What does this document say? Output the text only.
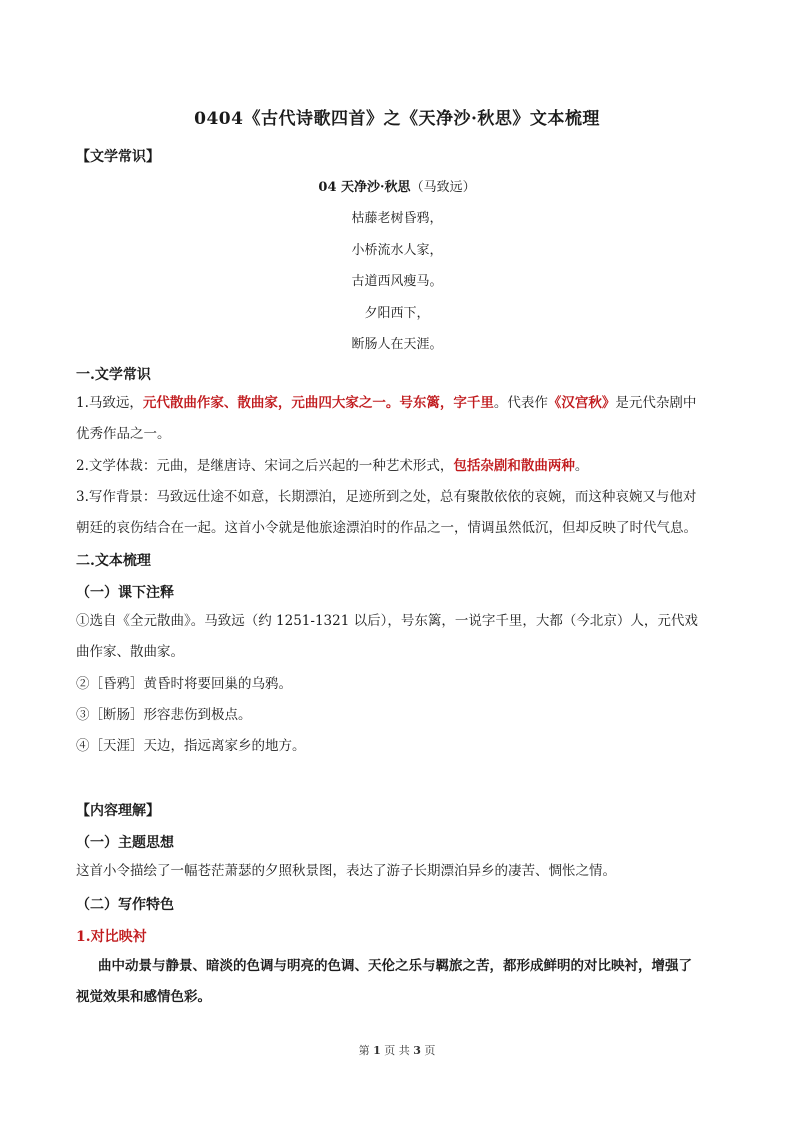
0404《古代诗歌四首》之《天净沙·秋思》文本梳理
【文学常识】
04 天净沙·秋思（马致远）
枯藤老树昏鸦，
小桥流水人家，
古道西风瘦马。
夕阳西下，
断肠人在天涯。
一.文学常识
1.马致远，元代散曲作家、散曲家，元曲四大家之一。号东篱，字千里。代表作《汉宫秋》是元代杂剧中
优秀作品之一。
2.文学体裁：元曲，是继唐诗、宋词之后兴起的一种艺术形式，包括杂剧和散曲两种。
3.写作背景：马致远仕途不如意，长期漂泊，足迹所到之处，总有聚散依依的哀婉，而这种哀婉又与他对
朝廷的哀伤结合在一起。这首小令就是他旅途漂泊时的作品之一，情调虽然低沉，但却反映了时代气息。
二.文本梳理
（一）课下注释
①选自《全元散曲》。马致远（约 1251-1321 以后），号东篱，一说字千里，大都（今北京）人，元代戏
曲作家、散曲家。
②［昏鸦］黄昏时将要回巢的乌鸦。
③［断肠］形容悲伤到极点。
④［天涯］天边，指远离家乡的地方。
【内容理解】
（一）主题思想
这首小令描绘了一幅苍茫萧瑟的夕照秋景图，表达了游子长期漂泊异乡的凄苦、惆怅之情。
（二）写作特色
1.对比映衬
曲中动景与静景、暗淡的色调与明亮的色调、天伦之乐与羁旅之苦，都形成鲜明的对比映衬，增强了
视觉效果和感情色彩。
第 1 页 共 3 页
